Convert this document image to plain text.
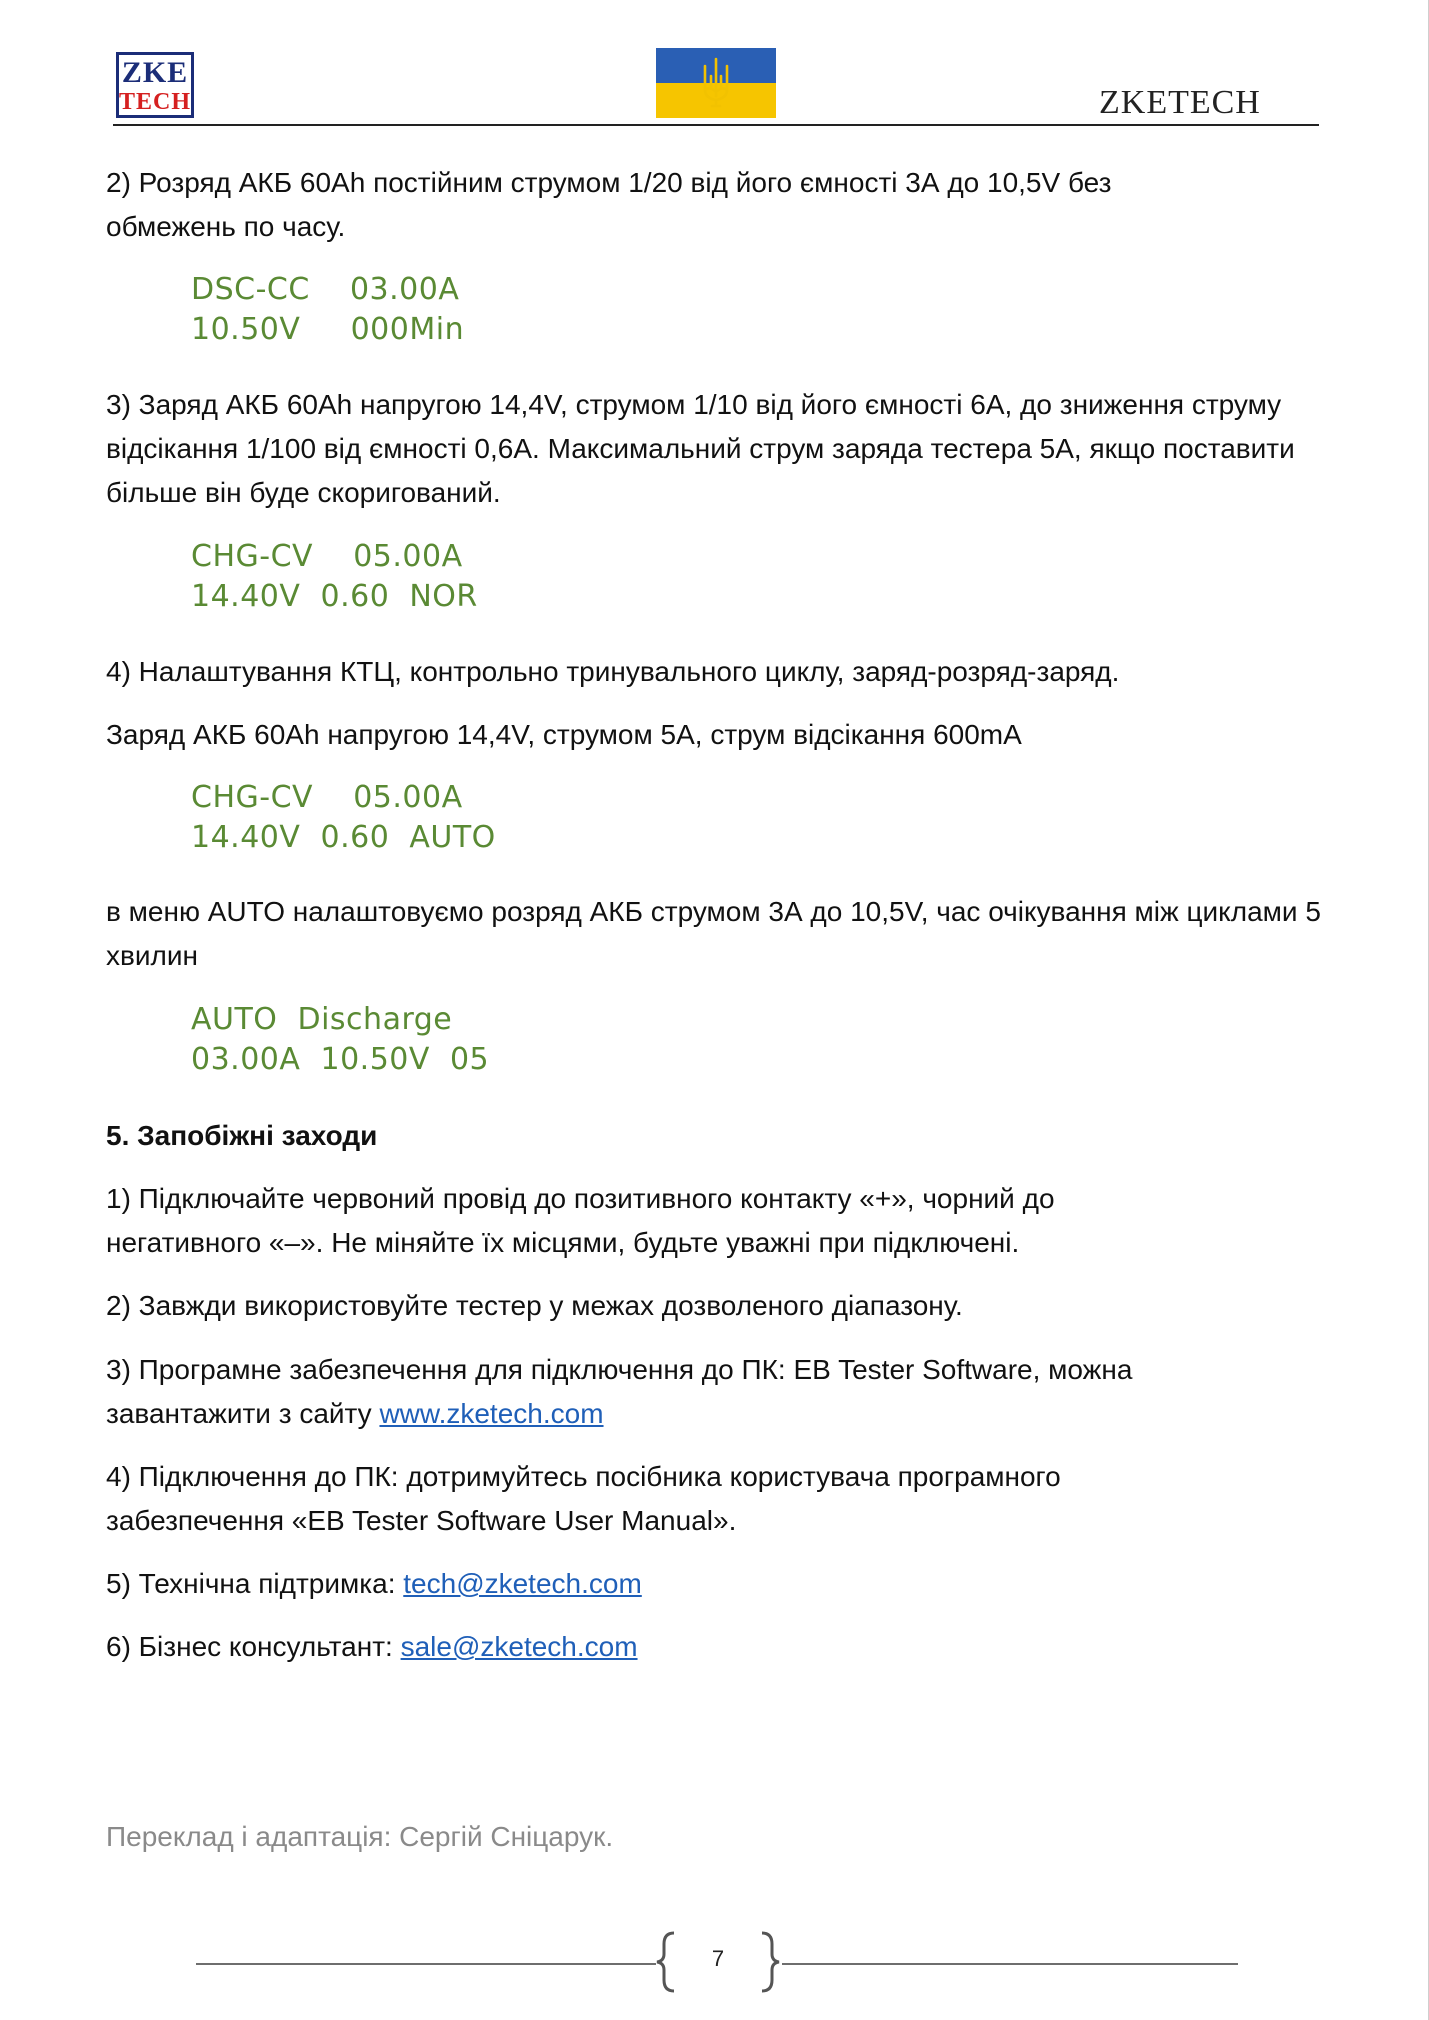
ZKE
TECH	ZKETECH
2) Розряд АКБ 60Ah постійним струмом 1/20 від його ємності 3А до 10,5V без обмежень по часу.
DSC-CC    03.00A
10.50V     000Min
3) Заряд АКБ 60Ah напругою 14,4V, струмом 1/10 від його ємності 6А, до зниження струму відсікання 1/100 від ємності 0,6А. Максимальний струм заряда тестера 5А, якщо поставити більше він буде скоригований.
CHG-CV    05.00A
14.40V  0.60  NOR
4) Налаштування КТЦ, контрольно тринувального циклу, заряд-розряд-заряд.
Заряд АКБ 60Ah напругою 14,4V, струмом 5А, струм відсікання 600mA
CHG-CV    05.00A
14.40V  0.60  AUTO
в меню AUTO налаштовуємо розряд АКБ струмом 3А до 10,5V, час очікування між циклами 5 хвилин
AUTO  Discharge
03.00A  10.50V  05
5. Запобіжні заходи
1) Підключайте червоний провід до позитивного контакту «+», чорний до негативного «–». Не міняйте їх місцями, будьте уважні при підключені.
2) Завжди використовуйте тестер у межах дозволеного діапазону.
3) Програмне забезпечення для підключення до ПК: EB Tester Software, можна завантажити з сайту www.zketech.com
4) Підключення до ПК: дотримуйтесь посібника користувача програмного забезпечення «EB Tester Software User Manual».
5) Технічна підтримка: tech@zketech.com
6) Бізнес консультант: sale@zketech.com
Переклад і адаптація: Сергій Сніцарук.
7
